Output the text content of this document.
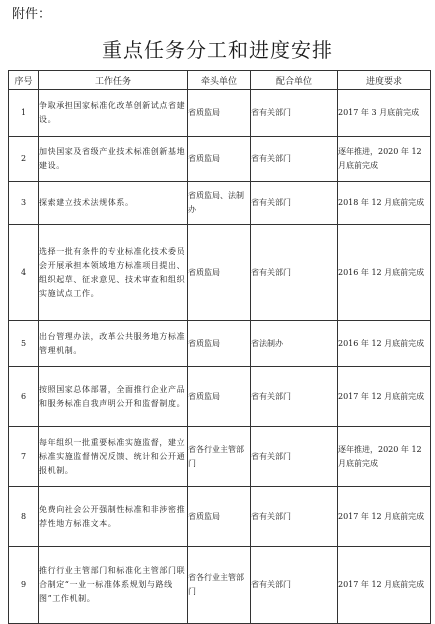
附件：
重点任务分工和进度安排
序号	工作任务	牵头单位	配合单位	进度要求
1	争取承担国家标准化改革创新试点省建设。	省质监局	省有关部门	2017 年 3 月底前完成
2	加快国家及省级产业技术标准创新基地建设。	省质监局	省有关部门	逐年推进，2020 年 12 月底前完成
3	探索建立技术法规体系。	省质监局、法制办	省有关部门	2018 年 12 月底前完成
4	选择一批有条件的专业标准化技术委员会开展承担本领域地方标准项目提出、组织起草、征求意见、技术审查和组织实施试点工作。	省质监局	省有关部门	2016 年 12 月底前完成
5	出台管理办法，改革公共服务地方标准管理机制。	省质监局	省法制办	2016 年 12 月底前完成
6	按照国家总体部署，全面推行企业产品和服务标准自我声明公开和监督制度。	省质监局	省有关部门	2017 年 12 月底前完成
7	每年组织一批重要标准实施监督，建立标准实施监督情况反馈、统计和公开通报机制。	省各行业主管部门	省有关部门	逐年推进，2020 年 12 月底前完成
8	免费向社会公开强制性标准和非涉密推荐性地方标准文本。	省质监局	省有关部门	2017 年 12 月底前完成
9	推行行业主管部门和标准化主管部门联合制定“一业一标准体系规划与路线图”工作机制。	省各行业主管部门	省有关部门	2017 年 12 月底前完成
